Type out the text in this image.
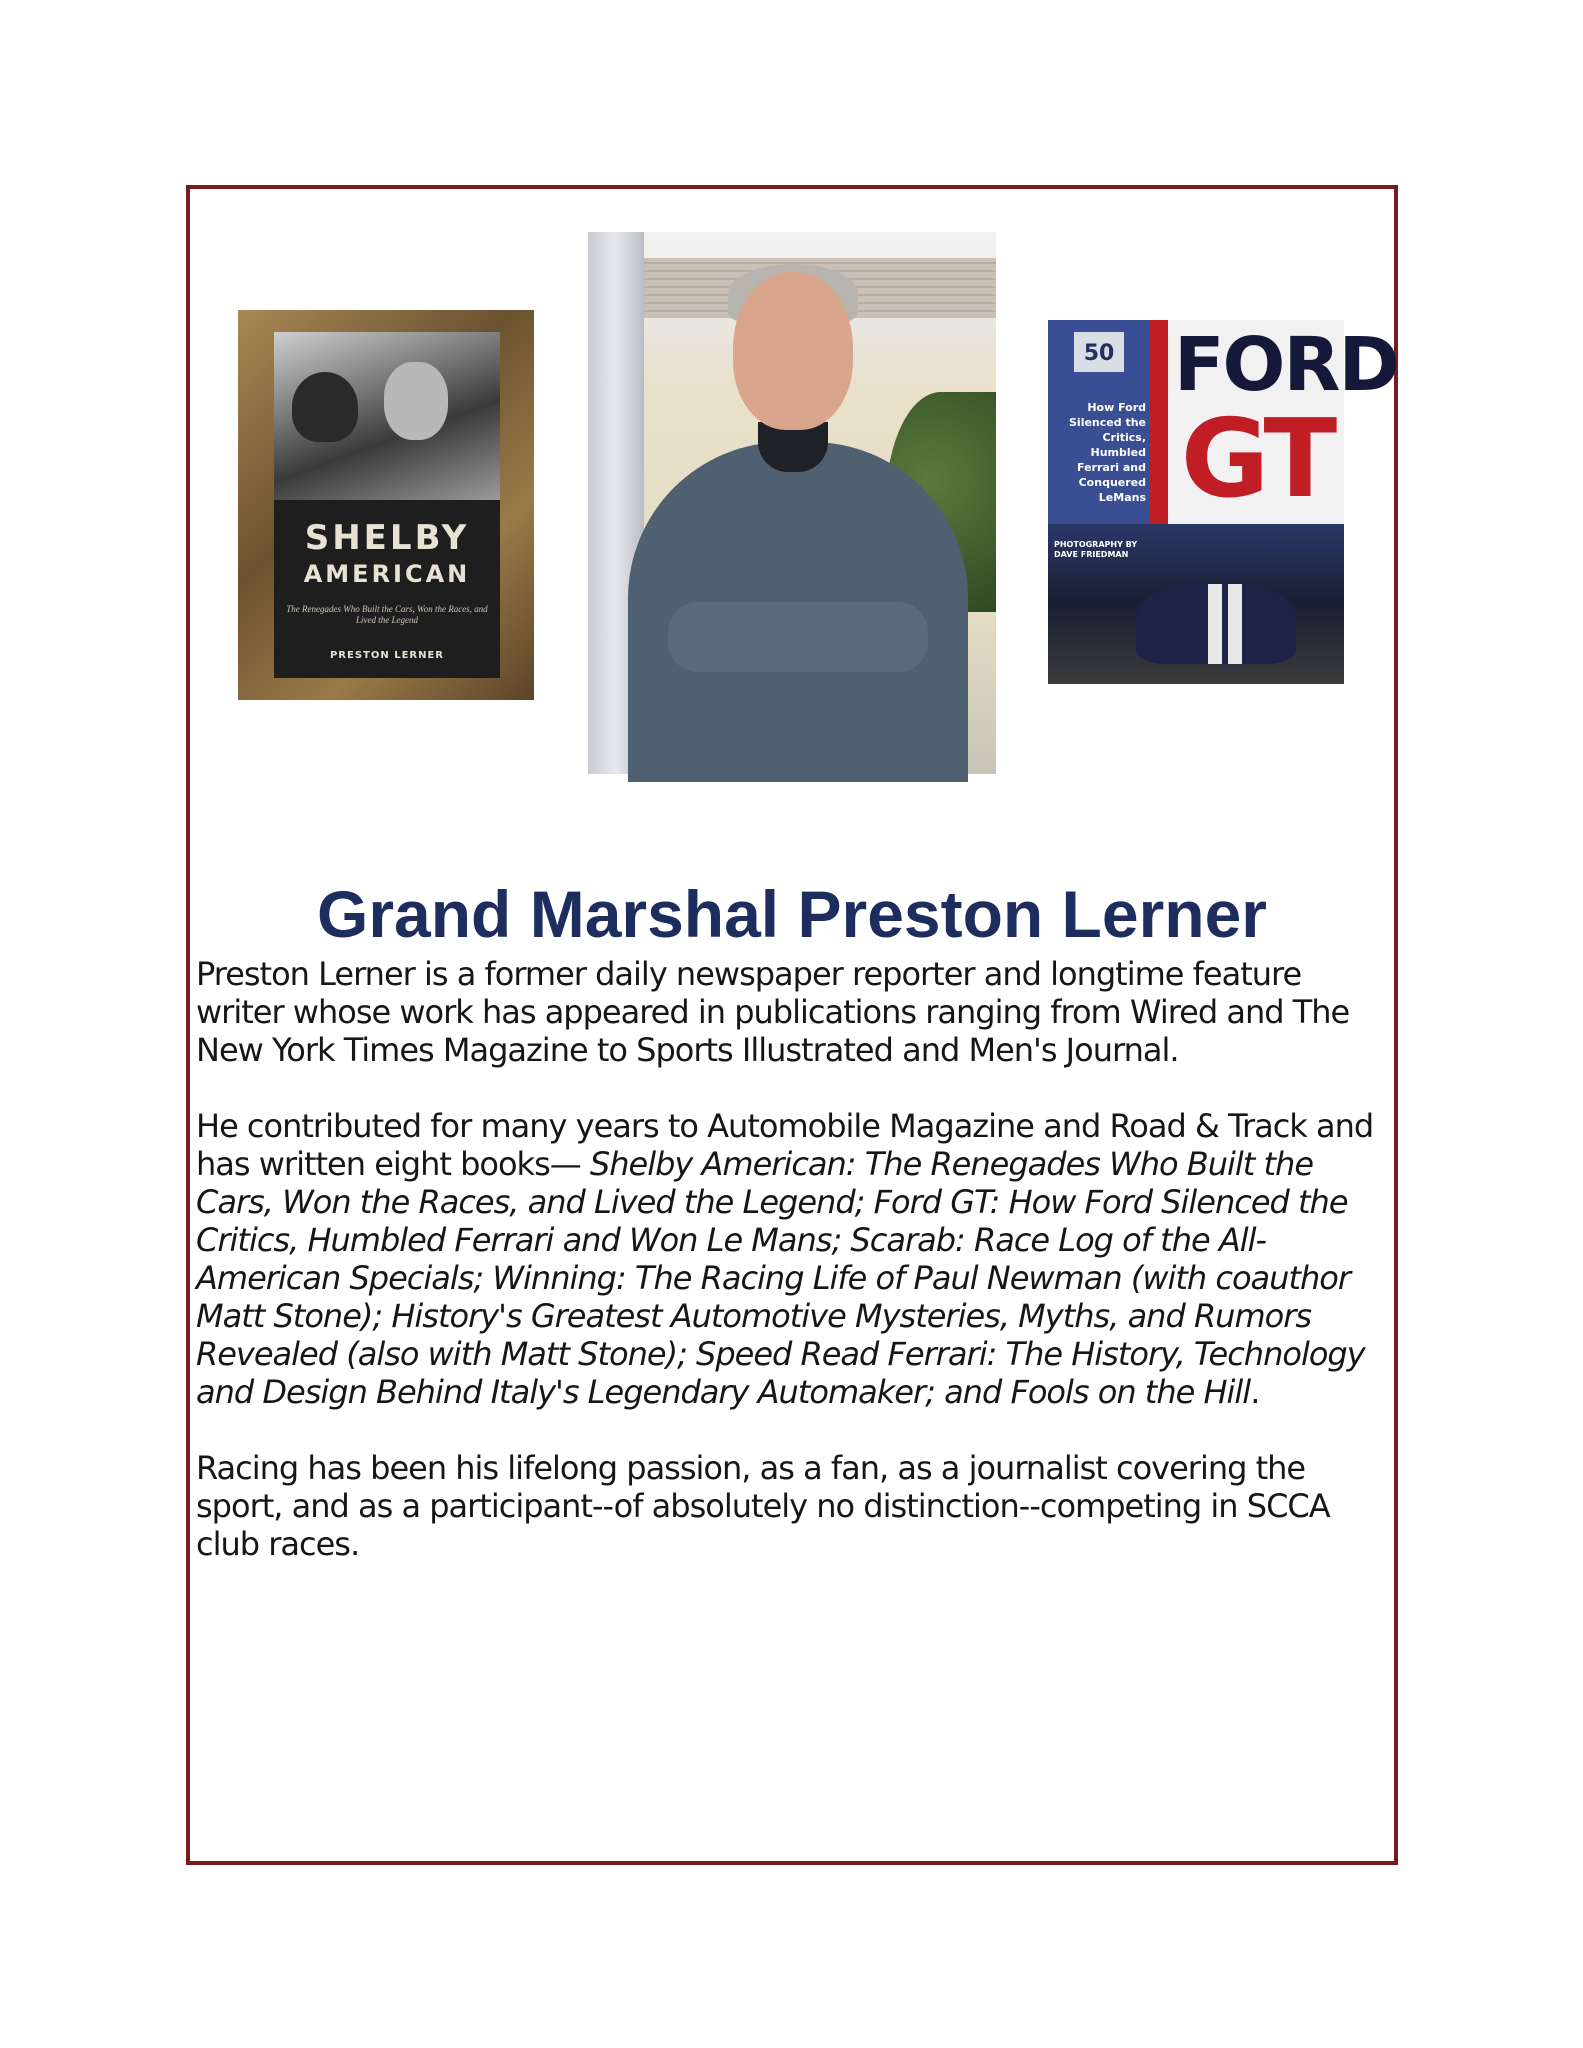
SHELBY
AMERICAN
The Renegades Who Built the Cars, Won the Races, and Lived the Legend
PRESTON LERNER
50
How Ford Silenced the Critics, Humbled Ferrari and Conquered LeMans
FORD
GT
PHOTOGRAPHY BY DAVE FRIEDMAN
Grand Marshal Preston Lerner

Preston Lerner is a former daily newspaper reporter and longtime feature writer whose work has appeared in publications ranging from Wired and The New York Times Magazine to Sports Illustrated and Men's Journal.

He contributed for many years to Automobile Magazine and Road & Track and has written eight books— Shelby American: The Renegades Who Built the Cars, Won the Races, and Lived the Legend; Ford GT: How Ford Silenced the Critics, Humbled Ferrari and Won Le Mans; Scarab: Race Log of the All-American Specials; Winning: The Racing Life of Paul Newman (with coauthor Matt Stone); History's Greatest Automotive Mysteries, Myths, and Rumors Revealed (also with Matt Stone); Speed Read Ferrari: The History, Technology and Design Behind Italy's Legendary Automaker; and Fools on the Hill.

Racing has been his lifelong passion, as a fan, as a journalist covering the sport, and as a participant--of absolutely no distinction--competing in SCCA club races.
